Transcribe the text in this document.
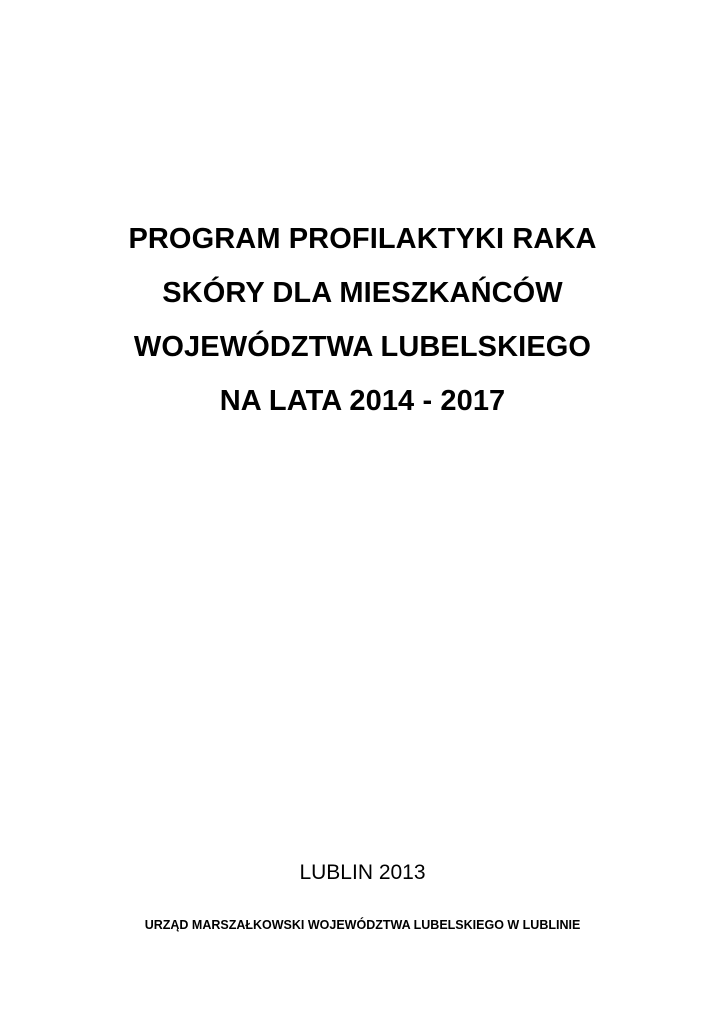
PROGRAM PROFILAKTYKI RAKA
SKÓRY DLA MIESZKAŃCÓW
WOJEWÓDZTWA LUBELSKIEGO
NA LATA 2014 - 2017
LUBLIN 2013
URZĄD MARSZAŁKOWSKI WOJEWÓDZTWA LUBELSKIEGO W LUBLINIE
